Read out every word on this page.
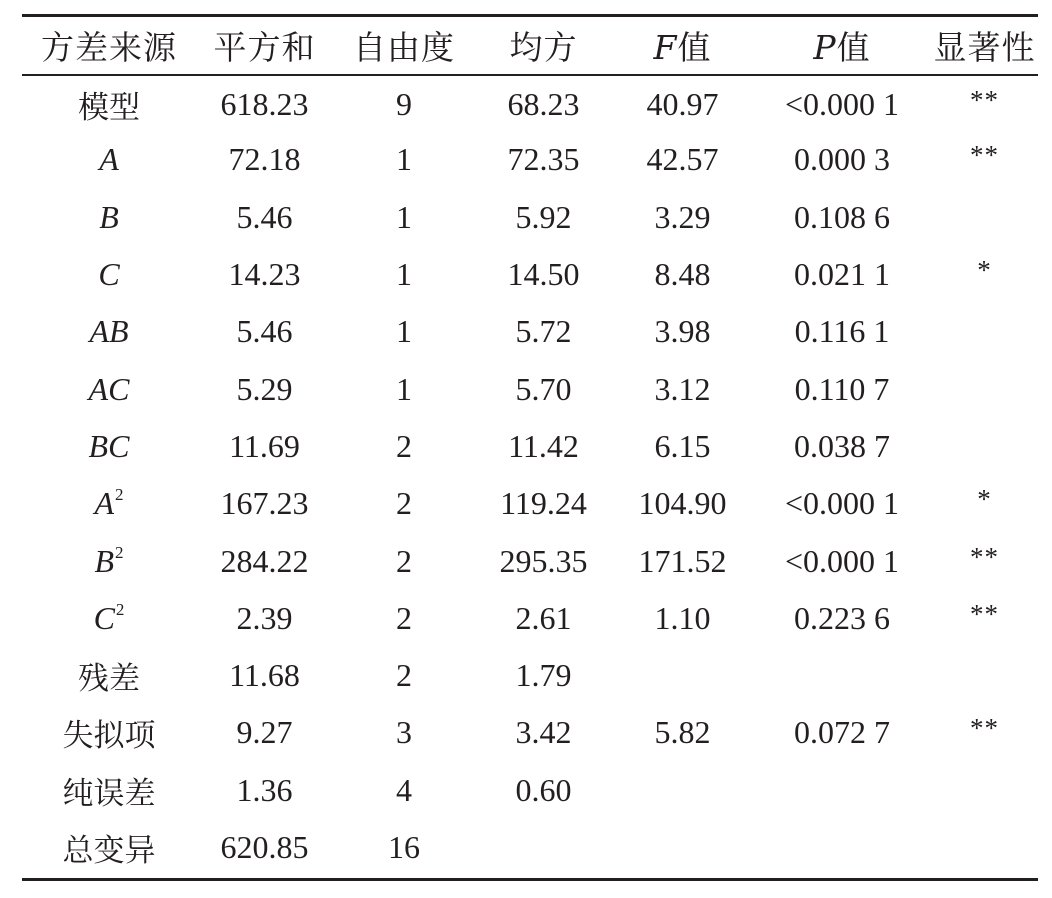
方差来源	平方和	自由度	均方	F值	P值	显著性
模型	618.23	9	68.23	40.97	<0.000 1	**
A	72.18	1	72.35	42.57	0.000 3	**
B	5.46	1	5.92	3.29	0.108 6	
C	14.23	1	14.50	8.48	0.021 1	*
AB	5.46	1	5.72	3.98	0.116 1	
AC	5.29	1	5.70	3.12	0.110 7	
BC	11.69	2	11.42	6.15	0.038 7	
$A^2$	167.23	2	119.24	104.90	<0.000 1	*
$B^2$	284.22	2	295.35	171.52	<0.000 1	**
$C^2$	2.39	2	2.61	1.10	0.223 6	**
残差	11.68	2	1.79			
失拟项	9.27	3	3.42	5.82	0.072 7	**
纯误差	1.36	4	0.60			
总变异	620.85	16				
